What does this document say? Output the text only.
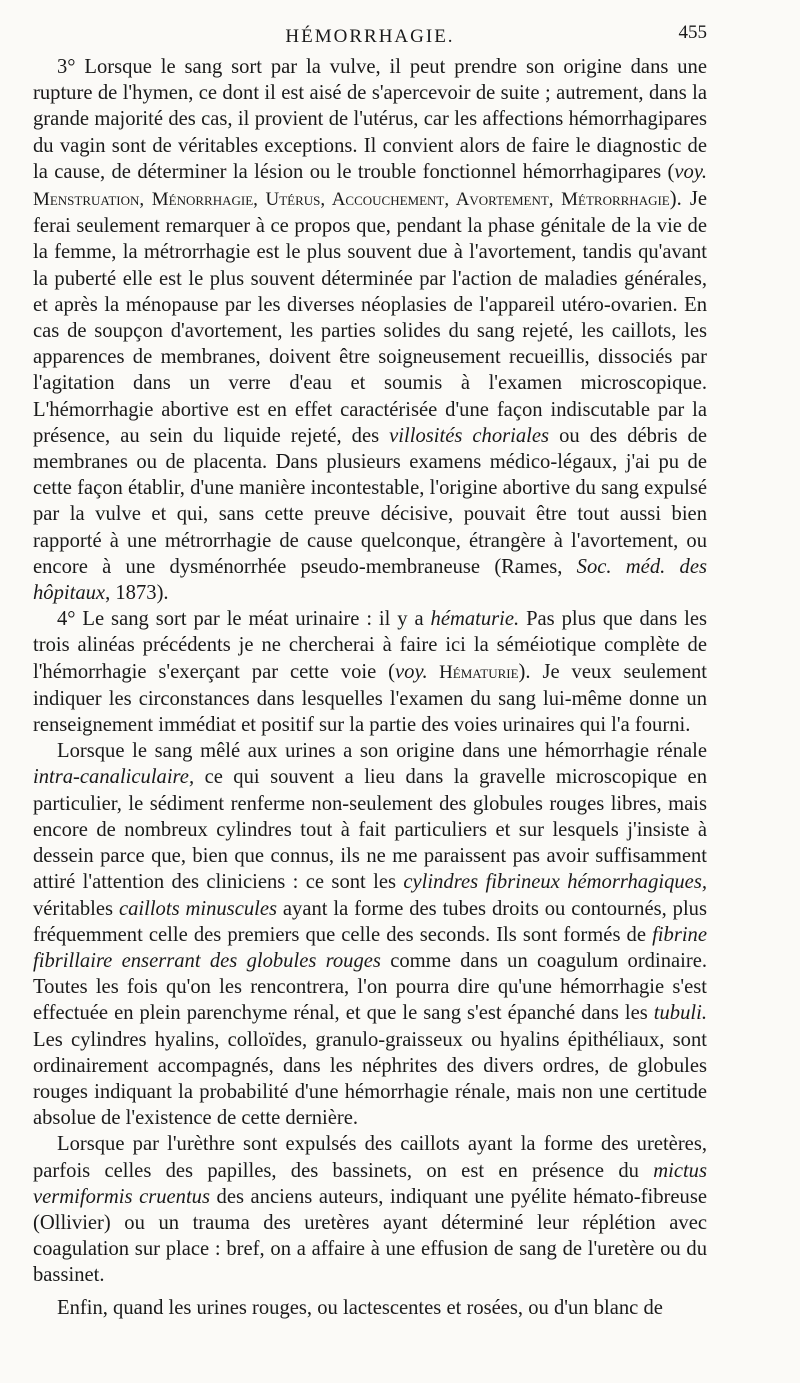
HÉMORRHAGIE.	455

3° Lorsque le sang sort par la vulve, il peut prendre son origine dans une rupture de l'hymen, ce dont il est aisé de s'apercevoir de suite ; autrement, dans la grande majorité des cas, il provient de l'utérus, car les affections hémorrhagipares du vagin sont de véritables exceptions. Il convient alors de faire le diagnostic de la cause, de déterminer la lésion ou le trouble fonctionnel hémorrhagipares (voy. Menstruation, Ménorrhagie, Utérus, Accouchement, Avortement, Métrorrhagie). Je ferai seulement remarquer à ce propos que, pendant la phase génitale de la vie de la femme, la métrorrhagie est le plus souvent due à l'avortement, tandis qu'avant la puberté elle est le plus souvent déterminée par l'action de maladies générales, et après la ménopause par les diverses néoplasies de l'appareil utéro-ovarien. En cas de soupçon d'avortement, les parties solides du sang rejeté, les caillots, les apparences de membranes, doivent être soigneusement recueillis, dissociés par l'agitation dans un verre d'eau et soumis à l'examen microscopique. L'hémorrhagie abortive est en effet caractérisée d'une façon indiscutable par la présence, au sein du liquide rejeté, des villosités choriales ou des débris de membranes ou de placenta. Dans plusieurs examens médico-légaux, j'ai pu de cette façon établir, d'une manière incontestable, l'origine abortive du sang expulsé par la vulve et qui, sans cette preuve décisive, pouvait être tout aussi bien rapporté à une métrorrhagie de cause quelconque, étrangère à l'avortement, ou encore à une dysménorrhée pseudo-membraneuse (Rames, Soc. méd. des hôpitaux, 1873).

4° Le sang sort par le méat urinaire : il y a hématurie. Pas plus que dans les trois alinéas précédents je ne chercherai à faire ici la séméiotique complète de l'hémorrhagie s'exerçant par cette voie (voy. Hématurie). Je veux seulement indiquer les circonstances dans lesquelles l'examen du sang lui-même donne un renseignement immédiat et positif sur la partie des voies urinaires qui l'a fourni.

Lorsque le sang mêlé aux urines a son origine dans une hémorrhagie rénale intra-canaliculaire, ce qui souvent a lieu dans la gravelle microscopique en particulier, le sédiment renferme non-seulement des globules rouges libres, mais encore de nombreux cylindres tout à fait particuliers et sur lesquels j'insiste à dessein parce que, bien que connus, ils ne me paraissent pas avoir suffisamment attiré l'attention des cliniciens : ce sont les cylindres fibrineux hémorrhagiques, véritables caillots minuscules ayant la forme des tubes droits ou contournés, plus fréquemment celle des premiers que celle des seconds. Ils sont formés de fibrine fibrillaire enserrant des globules rouges comme dans un coagulum ordinaire. Toutes les fois qu'on les rencontrera, l'on pourra dire qu'une hémorrhagie s'est effectuée en plein parenchyme rénal, et que le sang s'est épanché dans les tubuli. Les cylindres hyalins, colloïdes, granulo-graisseux ou hyalins épithéliaux, sont ordinairement accompagnés, dans les néphrites des divers ordres, de globules rouges indiquant la probabilité d'une hémorrhagie rénale, mais non une certitude absolue de l'existence de cette dernière.

Lorsque par l'urèthre sont expulsés des caillots ayant la forme des uretères, parfois celles des papilles, des bassinets, on est en présence du mictus vermiformis cruentus des anciens auteurs, indiquant une pyélite hémato-fibreuse (Ollivier) ou un trauma des uretères ayant déterminé leur réplétion avec coagulation sur place : bref, on a affaire à une effusion de sang de l'uretère ou du bassinet.

Enfin, quand les urines rouges, ou lactescentes et rosées, ou d'un blanc de
